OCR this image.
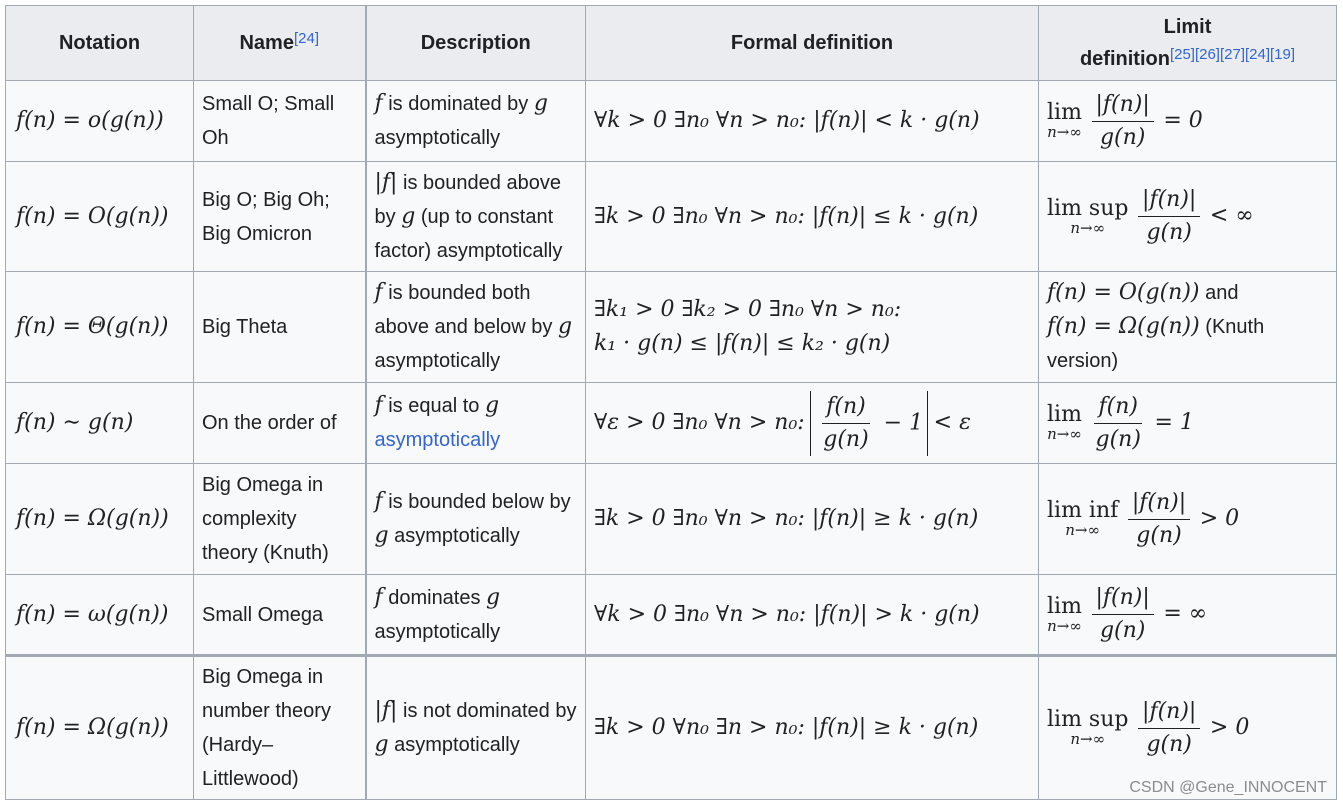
Notation	Name[24]	Description	Formal definition	Limit
definition[25][26][27][24][19]
f(n) = o(g(n))	Small O; Small Oh	f is dominated by g asymptotically	∀k > 0 ∃n₀ ∀n > n₀: |f(n)| < k · g(n)	lim
n→∞
$\frac{|f(n)|}{g(n)} = 0$
f(n) = O(g(n))	Big O; Big Oh; Big Omicron	|f| is bounded above by g (up to constant factor) asymptotically	∃k > 0 ∃n₀ ∀n > n₀: |f(n)| ≤ k · g(n)	lim sup
n→∞
$\frac{|f(n)|}{g(n)}$ < ∞
f(n) = Θ(g(n))	Big Theta	f is bounded both above and below by g asymptotically	∃k₁ > 0 ∃k₂ > 0 ∃n₀ ∀n > n₀:
k₁ · g(n) ≤ |f(n)| ≤ k₂ · g(n)	f(n) = O(g(n)) and
f(n) = Ω(g(n)) (Knuth version)
f(n) ∼ g(n)	On the order of	f is equal to g
asymptotically	∀ε > 0 ∃n₀ ∀n > n₀: $\frac{f(n)}{g(n)} - 1 < \varepsilon$	lim
n→∞
$\frac{f(n)}{g(n)} = 1$
f(n) = Ω(g(n))	Big Omega in complexity theory (Knuth)	f is bounded below by g asymptotically	∃k > 0 ∃n₀ ∀n > n₀: |f(n)| ≥ k · g(n)	lim inf
n→∞
$\frac{|f(n)|}{g(n)} > 0$
f(n) = ω(g(n))	Small Omega	f dominates g asymptotically	∀k > 0 ∃n₀ ∀n > n₀: |f(n)| > k · g(n)	lim
n→∞
$\frac{|f(n)|}{g(n)}$ = ∞
f(n) = Ω(g(n))	Big Omega in number theory (Hardy–Littlewood)	|f| is not dominated by g asymptotically	∃k > 0 ∀n₀ ∃n > n₀: |f(n)| ≥ k · g(n)	lim sup
n→∞
$\frac{|f(n)|}{g(n)} > 0$
CSDN @Gene_INNOCENT
